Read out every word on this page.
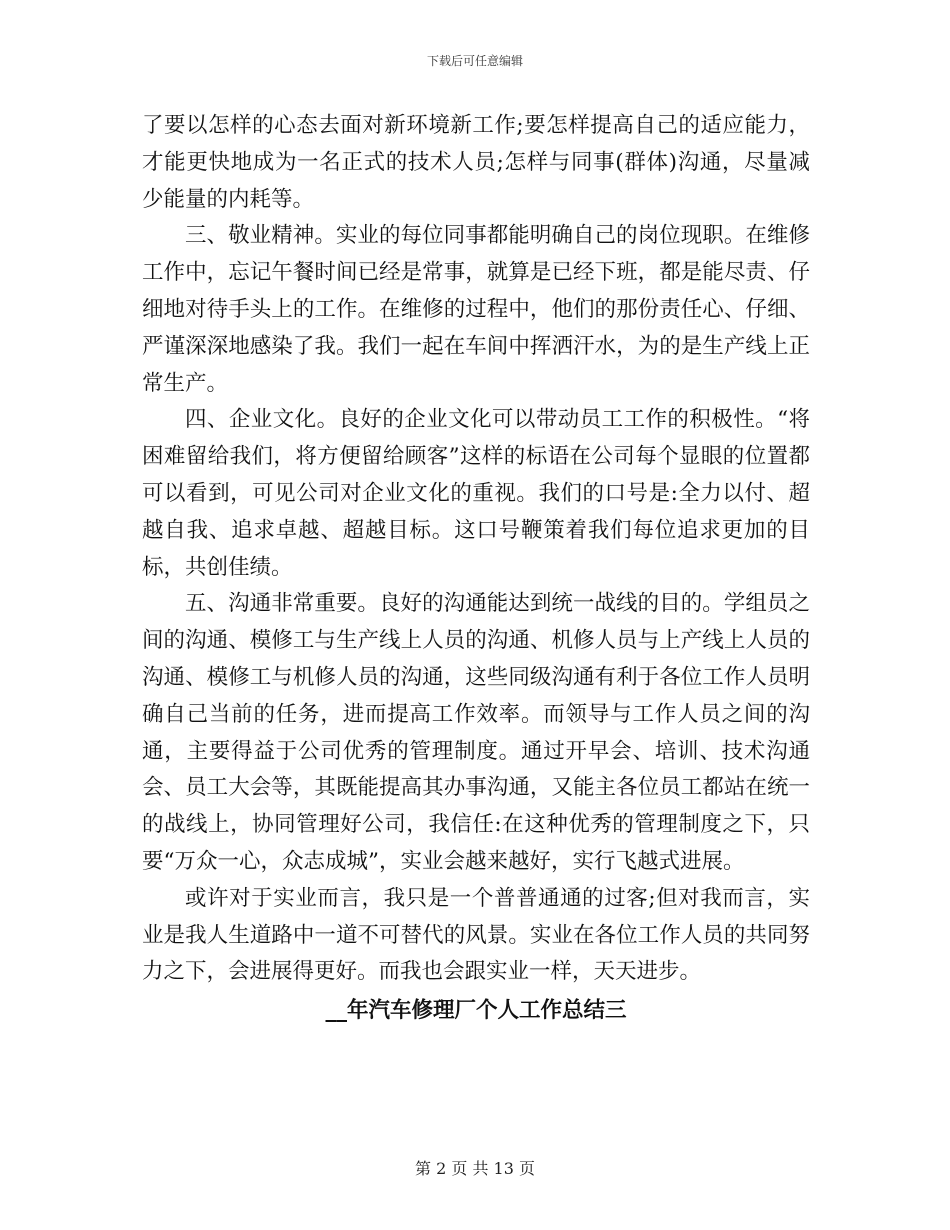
下载后可任意编辑

了要以怎样的心态去面对新环境新工作;要怎样提高自己的适应能力，才能更快地成为一名正式的技术人员;怎样与同事(群体)沟通，尽量减少能量的内耗等。

三、敬业精神。实业的每位同事都能明确自己的岗位现职。在维修工作中，忘记午餐时间已经是常事，就算是已经下班，都是能尽责、仔细地对待手头上的工作。在维修的过程中，他们的那份责任心、仔细、严谨深深地感染了我。我们一起在车间中挥洒汗水，为的是生产线上正常生产。

四、企业文化。良好的企业文化可以带动员工工作的积极性。“将困难留给我们，将方便留给顾客”这样的标语在公司每个显眼的位置都可以看到，可见公司对企业文化的重视。我们的口号是:全力以付、超越自我、追求卓越、超越目标。这口号鞭策着我们每位追求更加的目标，共创佳绩。

五、沟通非常重要。良好的沟通能达到统一战线的目的。学组员之间的沟通、模修工与生产线上人员的沟通、机修人员与上产线上人员的沟通、模修工与机修人员的沟通，这些同级沟通有利于各位工作人员明确自己当前的任务，进而提高工作效率。而领导与工作人员之间的沟通，主要得益于公司优秀的管理制度。通过开早会、培训、技术沟通会、员工大会等，其既能提高其办事沟通，又能主各位员工都站在统一的战线上，协同管理好公司，我信任:在这种优秀的管理制度之下，只要“万众一心，众志成城”，实业会越来越好，实行飞越式进展。

或许对于实业而言，我只是一个普普通通的过客;但对我而言，实业是我人生道路中一道不可替代的风景。实业在各位工作人员的共同努力之下，会进展得更好。而我也会跟实业一样，天天进步。

__年汽车修理厂个人工作总结三
第 2 页 共 13 页
